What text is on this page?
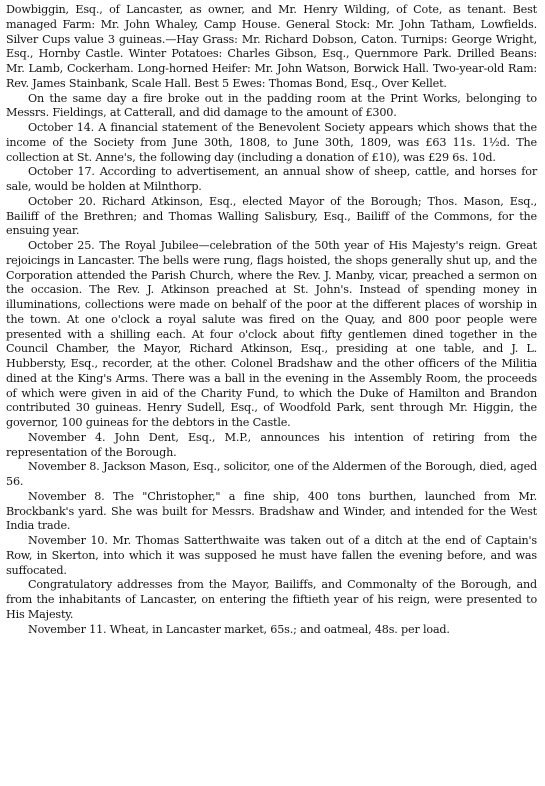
Dowbiggin, Esq., of Lancaster, as owner, and Mr. Henry Wilding, of Cote, as tenant. Best managed Farm: Mr. John Whaley, Camp House. General Stock: Mr. John Tatham, Lowfields. Silver Cups value 3 guineas.—Hay Grass: Mr. Richard Dobson, Caton. Turnips: George Wright, Esq., Hornby Castle. Winter Potatoes: Charles Gibson, Esq., Quernmore Park. Drilled Beans: Mr. Lamb, Cockerham. Long-horned Heifer: Mr. John Watson, Borwick Hall. Two-year-old Ram: Rev. James Stainbank, Scale Hall. Best 5 Ewes: Thomas Bond, Esq., Over Kellet.

On the same day a fire broke out in the padding room at the Print Works, belonging to Messrs. Fieldings, at Catterall, and did damage to the amount of £300.

October 14. A financial statement of the Benevolent Society appears which shows that the income of the Society from June 30th, 1808, to June 30th, 1809, was £63 11s. 1½d. The collection at St. Anne's, the following day (including a donation of £10), was £29 6s. 10d.

October 17. According to advertisement, an annual show of sheep, cattle, and horses for sale, would be holden at Milnthorp.

October 20. Richard Atkinson, Esq., elected Mayor of the Borough; Thos. Mason, Esq., Bailiff of the Brethren; and Thomas Walling Salisbury, Esq., Bailiff of the Commons, for the ensuing year.

October 25. The Royal Jubilee—celebration of the 50th year of His Majesty's reign. Great rejoicings in Lancaster. The bells were rung, flags hoisted, the shops generally shut up, and the Corporation attended the Parish Church, where the Rev. J. Manby, vicar, preached a sermon on the occasion. The Rev. J. Atkinson preached at St. John's. Instead of spending money in illuminations, collections were made on behalf of the poor at the different places of worship in the town. At one o'clock a royal salute was fired on the Quay, and 800 poor people were presented with a shilling each. At four o'clock about fifty gentlemen dined together in the Council Chamber, the Mayor, Richard Atkinson, Esq., presiding at one table, and J. L. Hubbersty, Esq., recorder, at the other. Colonel Bradshaw and the other officers of the Militia dined at the King's Arms. There was a ball in the evening in the Assembly Room, the proceeds of which were given in aid of the Charity Fund, to which the Duke of Hamilton and Brandon contributed 30 guineas. Henry Sudell, Esq., of Woodfold Park, sent through Mr. Higgin, the governor, 100 guineas for the debtors in the Castle.

November 4. John Dent, Esq., M.P., announces his intention of retiring from the representation of the Borough.

November 8. Jackson Mason, Esq., solicitor, one of the Aldermen of the Borough, died, aged 56.

November 8. The "Christopher," a fine ship, 400 tons burthen, launched from Mr. Brockbank's yard. She was built for Messrs. Bradshaw and Winder, and intended for the West India trade.

November 10. Mr. Thomas Satterthwaite was taken out of a ditch at the end of Captain's Row, in Skerton, into which it was supposed he must have fallen the evening before, and was suffocated.

Congratulatory addresses from the Mayor, Bailiffs, and Commonalty of the Borough, and from the inhabitants of Lancaster, on entering the fiftieth year of his reign, were presented to His Majesty.

November 11. Wheat, in Lancaster market, 65s.; and oatmeal, 48s. per load.
